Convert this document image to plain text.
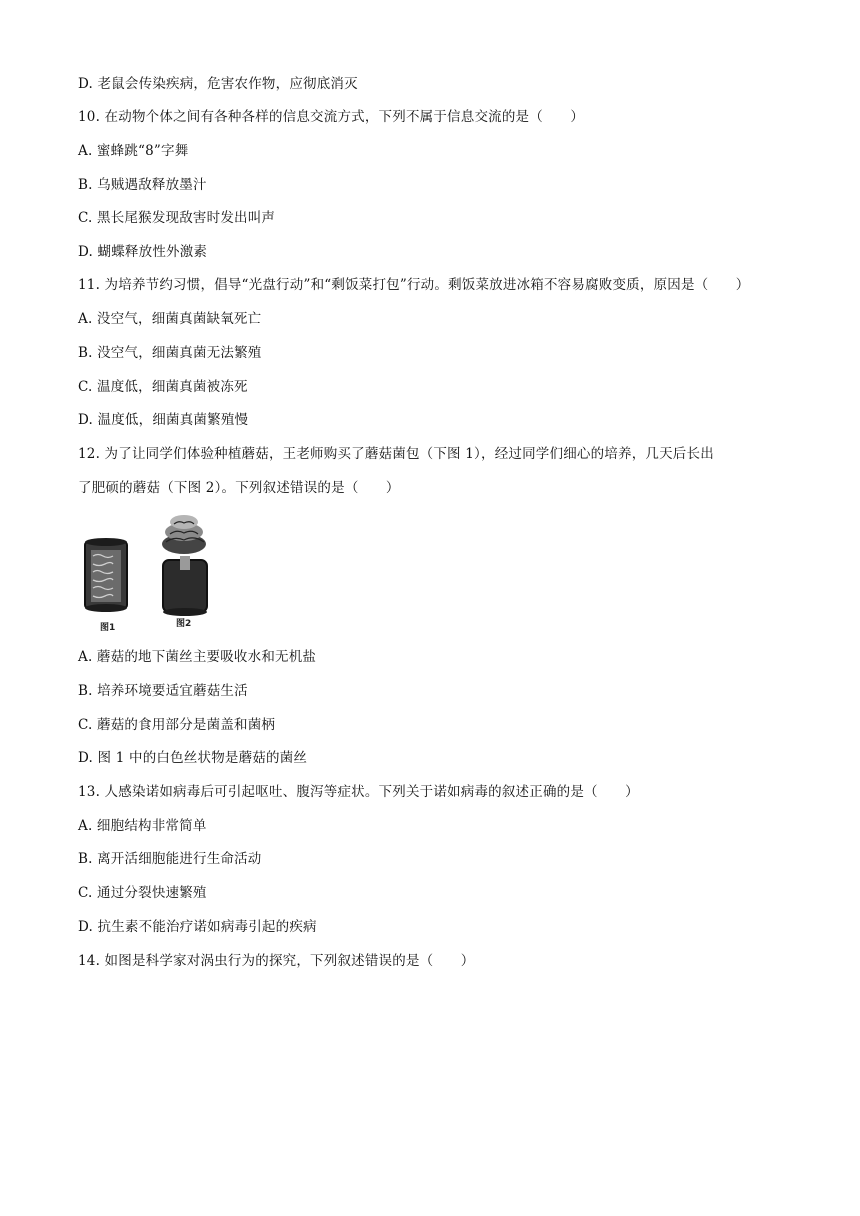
D. 老鼠会传染疾病，危害农作物，应彻底消灭
10. 在动物个体之间有各种各样的信息交流方式，下列不属于信息交流的是（　　）
A. 蜜蜂跳“8”字舞
B. 乌贼遇敌释放墨汁
C. 黑长尾猴发现敌害时发出叫声
D. 蝴蝶释放性外激素
11. 为培养节约习惯，倡导“光盘行动”和“剩饭菜打包”行动。剩饭菜放进冰箱不容易腐败变质，原因是（　　）
A. 没空气，细菌真菌缺氧死亡
B. 没空气，细菌真菌无法繁殖
C. 温度低，细菌真菌被冻死
D. 温度低，细菌真菌繁殖慢
12. 为了让同学们体验种植蘑菇，王老师购买了蘑菇菌包（下图 1），经过同学们细心的培养，几天后长出
了肥硕的蘑菇（下图 2）。下列叙述错误的是（　　）
图1	图2
A. 蘑菇的地下菌丝主要吸收水和无机盐
B. 培养环境要适宜蘑菇生活
C. 蘑菇的食用部分是菌盖和菌柄
D. 图 1 中的白色丝状物是蘑菇的菌丝
13. 人感染诺如病毒后可引起呕吐、腹泻等症状。下列关于诺如病毒的叙述正确的是（　　）
A. 细胞结构非常简单
B. 离开活细胞能进行生命活动
C. 通过分裂快速繁殖
D. 抗生素不能治疗诺如病毒引起的疾病
14. 如图是科学家对涡虫行为的探究，下列叙述错误的是（　　）
